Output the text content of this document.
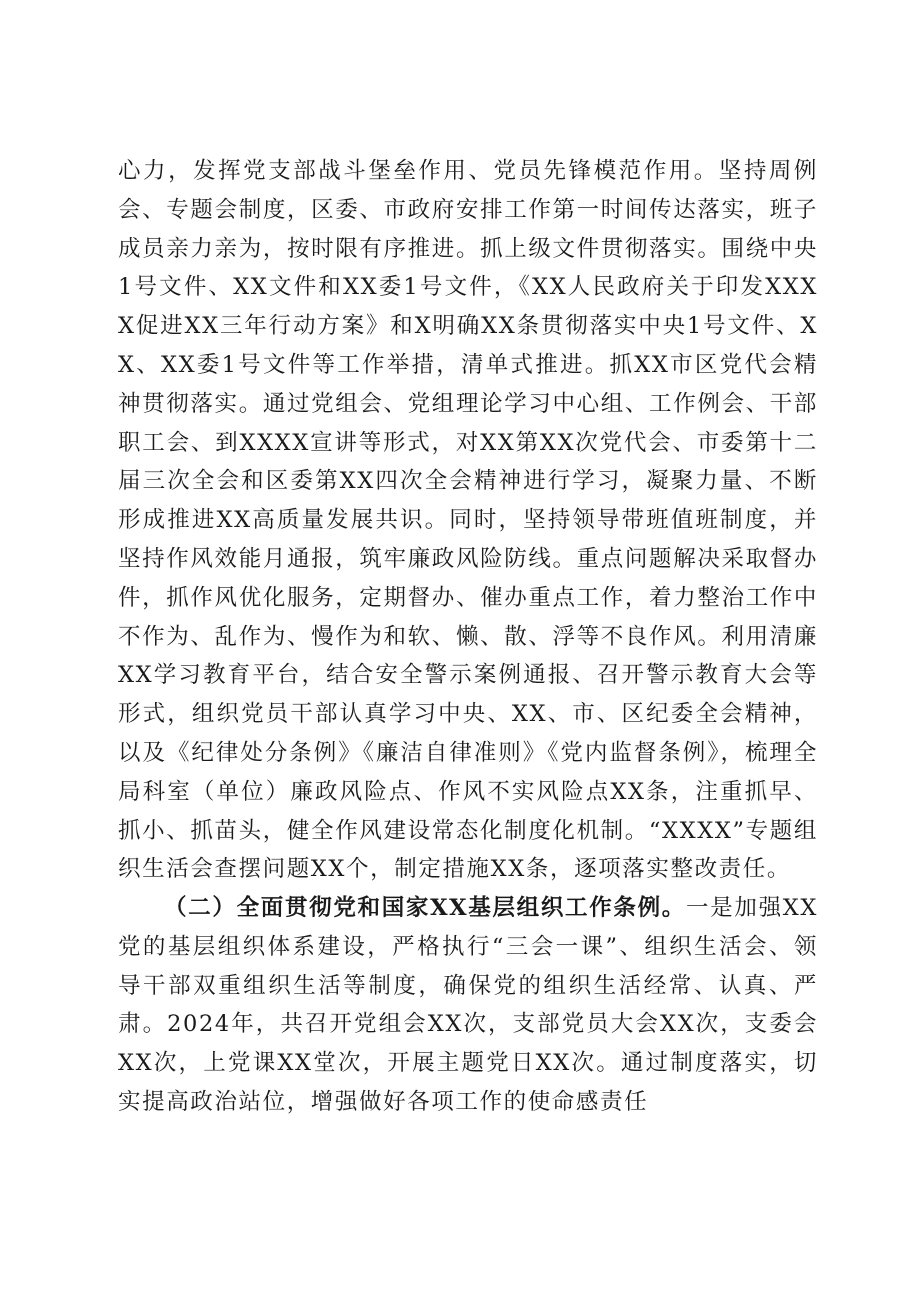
心力，发挥党支部战斗堡垒作用、党员先锋模范作用。坚持周例会、专题会制度，区委、市政府安排工作第一时间传达落实，班子成员亲力亲为，按时限有序推进。抓上级文件贯彻落实。围绕中央1号文件、XX文件和XX委1号文件，《XX人民政府关于印发XXXX促进XX三年行动方案》和X明确XX条贯彻落实中央1号文件、XX、XX委1号文件等工作举措，清单式推进。抓XX市区党代会精神贯彻落实。通过党组会、党组理论学习中心组、工作例会、干部职工会、到XXXX宣讲等形式，对XX第XX次党代会、市委第十二届三次全会和区委第XX四次全会精神进行学习，凝聚力量、不断形成推进XX高质量发展共识。同时，坚持领导带班值班制度，并坚持作风效能月通报，筑牢廉政风险防线。重点问题解决采取督办件，抓作风优化服务，定期督办、催办重点工作，着力整治工作中不作为、乱作为、慢作为和软、懒、散、浮等不良作风。利用清廉XX学习教育平台，结合安全警示案例通报、召开警示教育大会等形式，组织党员干部认真学习中央、XX、市、区纪委全会精神，以及《纪律处分条例》《廉洁自律准则》《党内监督条例》，梳理全局科室（单位）廉政风险点、作风不实风险点XX条，注重抓早、抓小、抓苗头，健全作风建设常态化制度化机制。“XXXX”专题组织生活会查摆问题XX个，制定措施XX条，逐项落实整改责任。
（二）全面贯彻党和国家XX基层组织工作条例。一是加强XX党的基层组织体系建设，严格执行“三会一课”、组织生活会、领导干部双重组织生活等制度，确保党的组织生活经常、认真、严肃。2024年，共召开党组会XX次，支部党员大会XX次，支委会XX次，上党课XX堂次，开展主题党日XX次。通过制度落实，切实提高政治站位，增强做好各项工作的使命感责任
